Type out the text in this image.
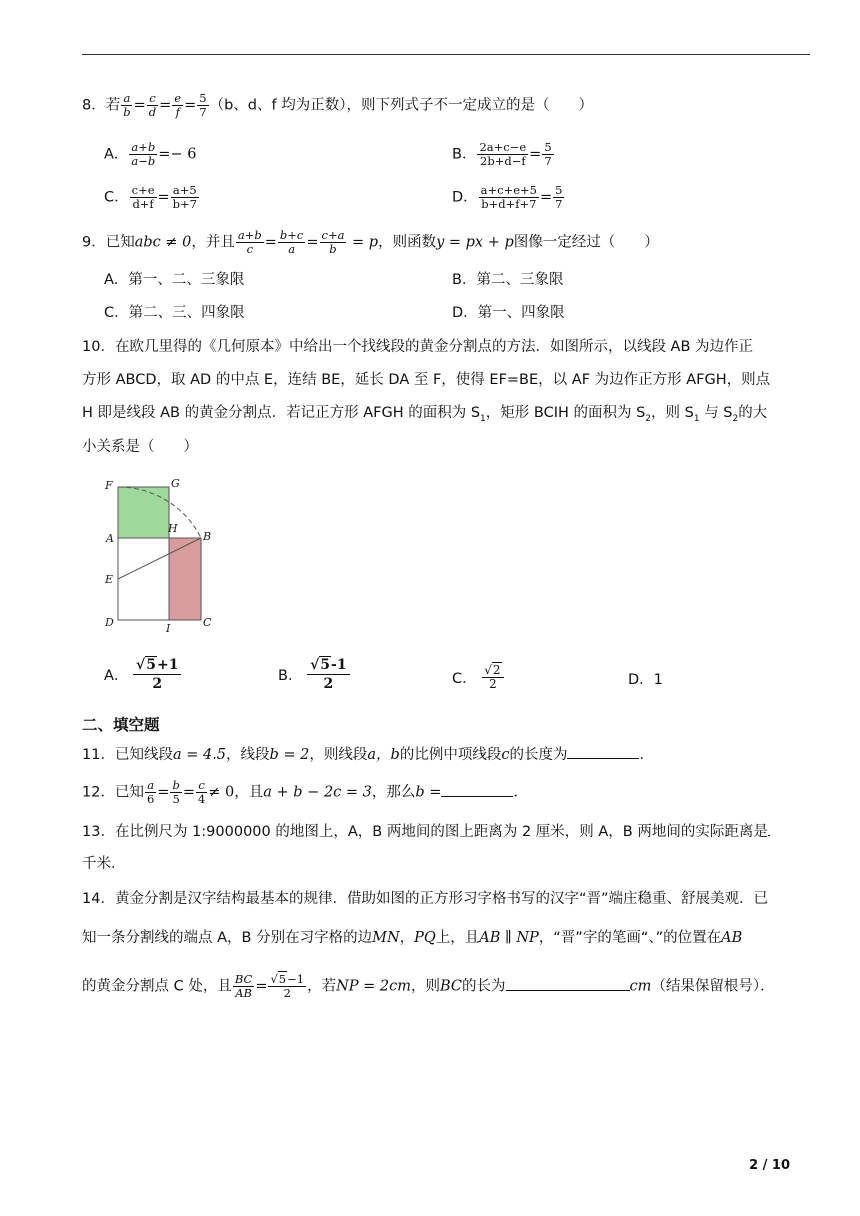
8．若 $\frac{a}{b} = \frac{c}{d} = \frac{e}{f} = \frac{5}{7} (b$、d、f 均为正数），则下列式子不一定成立的是（　　）
A． $\frac{a+b}{a-b} =- 6$	B． $\frac{2a+c-e}{2b+d-f} = \frac{5}{7}$
C． $\frac{c+e}{d+f} = \frac{a+5}{b+7}$	D． $\frac{a+c+e+5}{b+d+f+7} = \frac{5}{7}$
9．已知abc ≠ 0，并且 $\frac{a+b}{c} = \frac{b+c}{a} = \frac{c+a}{b} = p$，则函数y = px + p图像一定经过（　　）
A．第一、二、三象限	B．第二、三象限
C．第二、三、四象限	D．第一、四象限
10．在欧几里得的《几何原本》中给出一个找线段的黄金分割点的方法．如图所示，以线段 AB 为边作正
方形 ABCD，取 AD 的中点 E，连结 BE，延长 DA 至 F，使得 EF=BE，以 AF 为边作正方形 AFGH，则点
H 即是线段 AB 的黄金分割点．若记正方形 AFGH 的面积为 $S_1$，矩形 BCIH 的面积为 $S_2$，则 $S_1$ 与 $S_2$的大
小关系是（　　）
F	G
A
H
B
E
D	I	C
A． $\frac{√5+1}{2}$	B． $\frac{√5-1}{2}$	C． $\frac{√2}{2}$	D．1
二、填空题
11．已知线段a = 4.5，线段b = 2，则线段a，b的比例中项线段c的长度为	．
12．已知 $\frac{a}{6} = \frac{b}{5} = \frac{c}{4} \ne 0$，且a + b − 2c = 3，那么b =	．
13．在比例尺为 1:9000000 的地图上，A，B 两地间的图上距离为 2 厘米，则 A，B 两地间的实际距离是
千米．
14．黄金分割是汉字结构最基本的规律．借助如图的正方形习字格书写的汉字“晋”端庄稳重、舒展美观．已
知一条分割线的端点 A，B 分别在习字格的边MN，PQ上，且AB ∥ NP，“晋”字的笔画“、”的位置在AB
的黄金分割点 C 处，且 $\frac{BC}{AB} = \frac{√5-1}{2}$ ，若NP = 2cm，则BC的长为	cm（结果保留根号）．
2 / 10
